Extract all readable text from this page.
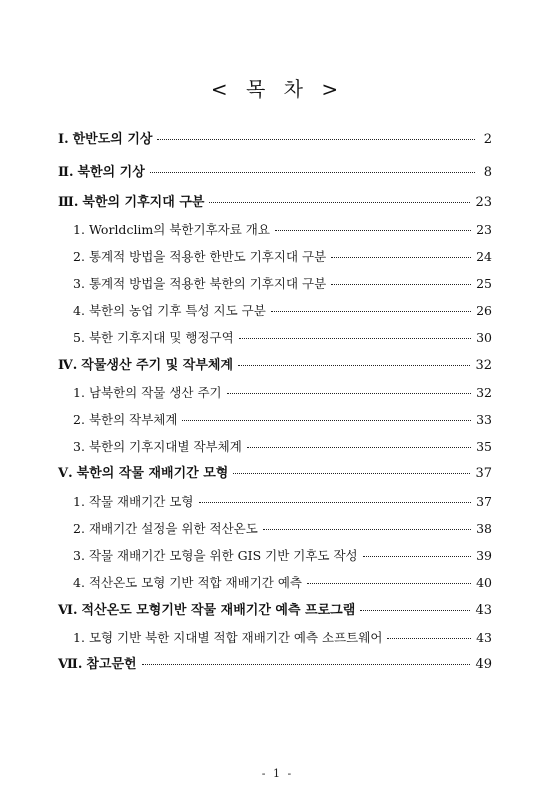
< 목 차 >
Ⅰ. 한반도의 기상	2
Ⅱ. 북한의 기상	8
Ⅲ. 북한의 기후지대 구분	23
1. Worldclim의 북한기후자료 개요	23
2. 통계적 방법을 적용한 한반도 기후지대 구분	24
3. 통계적 방법을 적용한 북한의 기후지대 구분	25
4. 북한의 농업 기후 특성 지도 구분	26
5. 북한 기후지대 및 행정구역	30
Ⅳ. 작물생산 주기 및 작부체계	32
1. 남북한의 작물 생산 주기	32
2. 북한의 작부체계	33
3. 북한의 기후지대별 작부체계	35
Ⅴ. 북한의 작물 재배기간 모형	37
1. 작물 재배기간 모형	37
2. 재배기간 설정을 위한 적산온도	38
3. 작물 재배기간 모형을 위한 GIS 기반 기후도 작성	39
4. 적산온도 모형 기반 적합 재배기간 예측	40
Ⅵ. 적산온도 모형기반 작물 재배기간 예측 프로그램	43
1. 모형 기반 북한 지대별 적합 재배기간 예측 소프트웨어	43
Ⅶ. 참고문헌	49
- 1 -
